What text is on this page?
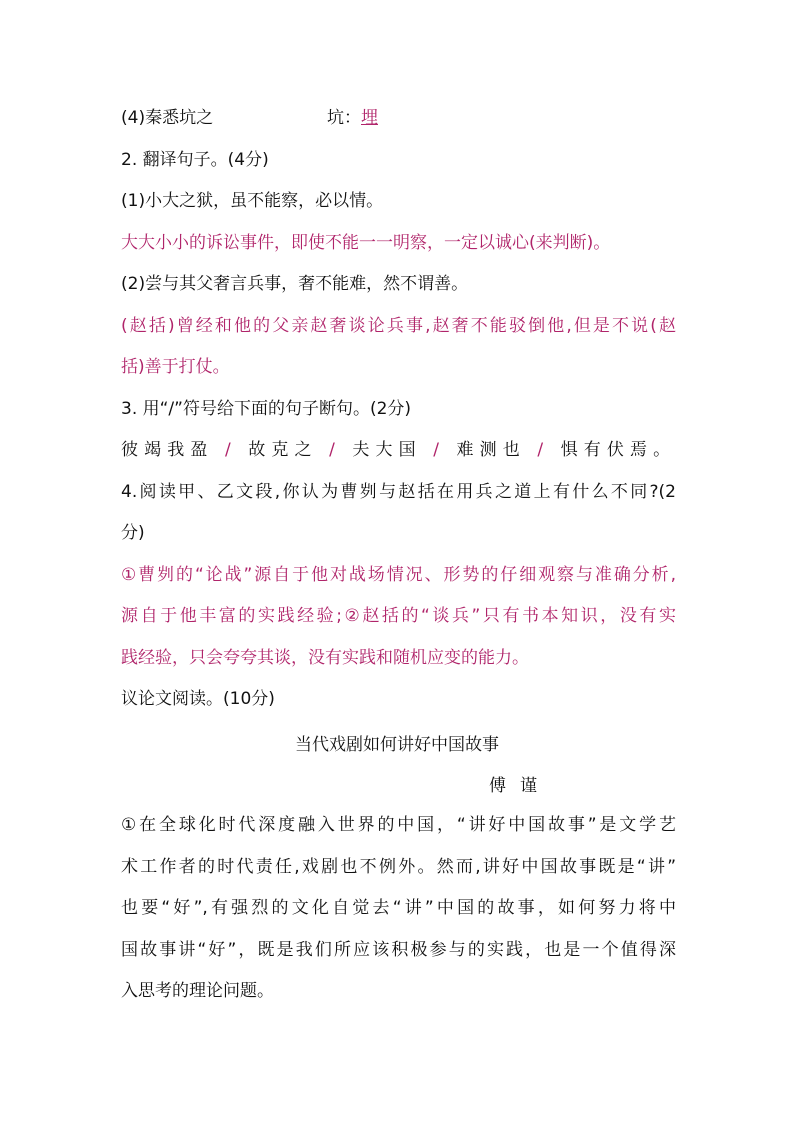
(4)秦悉坑之	坑：埋
2. 翻译句子。(4分)
(1)小大之狱，虽不能察，必以情。
大大小小的诉讼事件，即使不能一一明察，一定以诚心(来判断)。
(2)尝与其父奢言兵事，奢不能难，然不谓善。
(赵括)曾经和他的父亲赵奢谈论兵事,赵奢不能驳倒他,但是不说(赵
括)善于打仗。
3. 用“/”符号给下面的句子断句。(2分)
彼竭我盈 / 故克之 / 夫大国 / 难测也 / 惧有伏焉。
4.阅读甲、乙文段,你认为曹刿与赵括在用兵之道上有什么不同?(2
分)
①曹刿的“论战”源自于他对战场情况、形势的仔细观察与准确分析,
源自于他丰富的实践经验;②赵括的“谈兵”只有书本知识，没有实
践经验，只会夸夸其谈，没有实践和随机应变的能力。
议论文阅读。(10分)
当代戏剧如何讲好中国故事
傅谨
①在全球化时代深度融入世界的中国，“讲好中国故事”是文学艺
术工作者的时代责任,戏剧也不例外。然而,讲好中国故事既是“讲”
也要“好”,有强烈的文化自觉去“讲”中国的故事，如何努力将中
国故事讲“好”，既是我们所应该积极参与的实践，也是一个值得深
入思考的理论问题。
